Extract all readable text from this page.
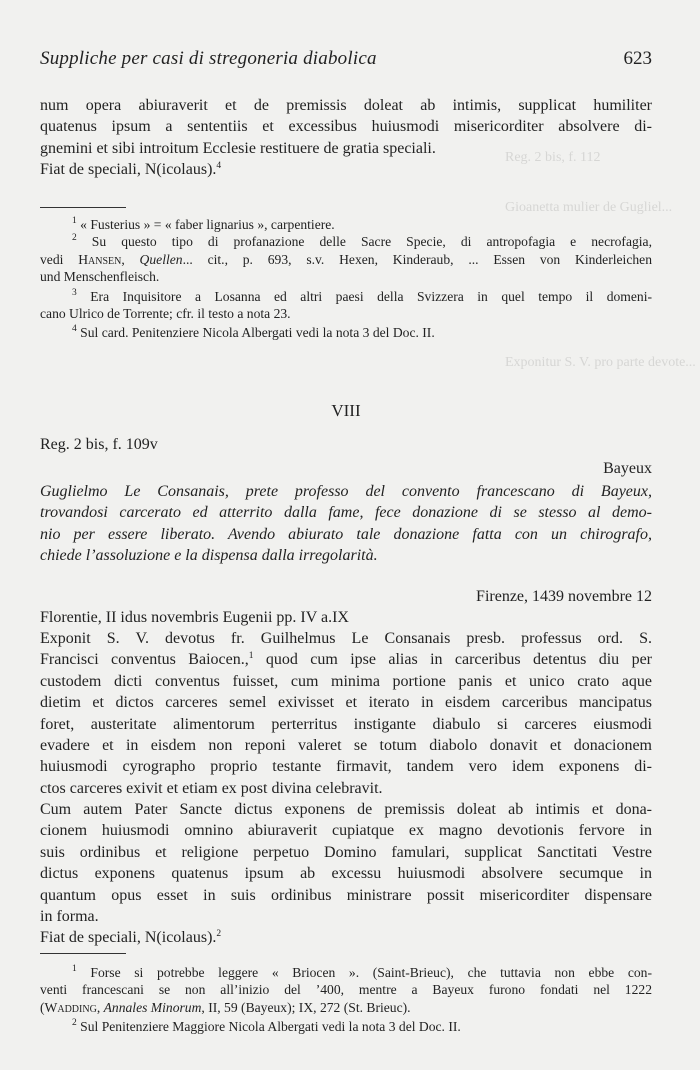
Reg. 2 bis, f. 112
Gioanetta mulier de Gugliel...
Exponitur S. V. pro parte devote...
Suppliche per casi di stregoneria diabolica	623
num opera abiuraverit et de premissis doleat ab intimis, supplicat humiliter
quatenus ipsum a sententiis et excessibus huiusmodi misericorditer absolvere di-
gnemini et sibi introitum Ecclesie restituere de gratia speciali.
Fiat de speciali, N(icolaus).$^4$
$^1$ « Fusterius » = « faber lignarius », carpentiere.
$^2$ Su questo tipo di profanazione delle Sacre Specie, di antropofagia e necrofagia,
vedi Hansen, Quellen... cit., p. 693, s.v. Hexen, Kinderaub, ... Essen von Kinderleichen
und Menschenfleisch.
$^3$ Era Inquisitore a Losanna ed altri paesi della Svizzera in quel tempo il domeni-
cano Ulrico de Torrente; cfr. il testo a nota 23.
$^4$ Sul card. Penitenziere Nicola Albergati vedi la nota 3 del Doc. II.
VIII
Reg. 2 bis, f. 109v
Bayeux
Guglielmo Le Consanais, prete professo del convento francescano di Bayeux,
trovandosi carcerato ed atterrito dalla fame, fece donazione di se stesso al demo-
nio per essere liberato. Avendo abiurato tale donazione fatta con un chirografo,
chiede l’assoluzione e la dispensa dalla irregolarità.
Firenze, 1439 novembre 12
Florentie, II idus novembris Eugenii pp. IV a.IX
Exponit S. V. devotus fr. Guilhelmus Le Consanais presb. professus ord. S.
Francisci conventus Baiocen.,$^1$ quod cum ipse alias in carceribus detentus diu per
custodem dicti conventus fuisset, cum minima portione panis et unico crato aque
dietim et dictos carceres semel exivisset et iterato in eisdem carceribus mancipatus
foret, austeritate alimentorum perterritus instigante diabulo si carceres eiusmodi
evadere et in eisdem non reponi valeret se totum diabolo donavit et donacionem
huiusmodi cyrographo proprio testante firmavit, tandem vero idem exponens di-
ctos carceres exivit et etiam ex post divina celebravit.
Cum autem Pater Sancte dictus exponens de premissis doleat ab intimis et dona-
cionem huiusmodi omnino abiuraverit cupiatque ex magno devotionis fervore in
suis ordinibus et religione perpetuo Domino famulari, supplicat Sanctitati Vestre
dictus exponens quatenus ipsum ab excessu huiusmodi absolvere secumque in
quantum opus esset in suis ordinibus ministrare possit misericorditer dispensare
in forma.
Fiat de speciali, N(icolaus).$^2$
$^1$ Forse si potrebbe leggere « Briocen ». (Saint-Brieuc), che tuttavia non ebbe con-
venti francescani se non all’inizio del ’400, mentre a Bayeux furono fondati nel 1222
(Wadding, Annales Minorum, II, 59 (Bayeux); IX, 272 (St. Brieuc).
$^2$ Sul Penitenziere Maggiore Nicola Albergati vedi la nota 3 del Doc. II.
